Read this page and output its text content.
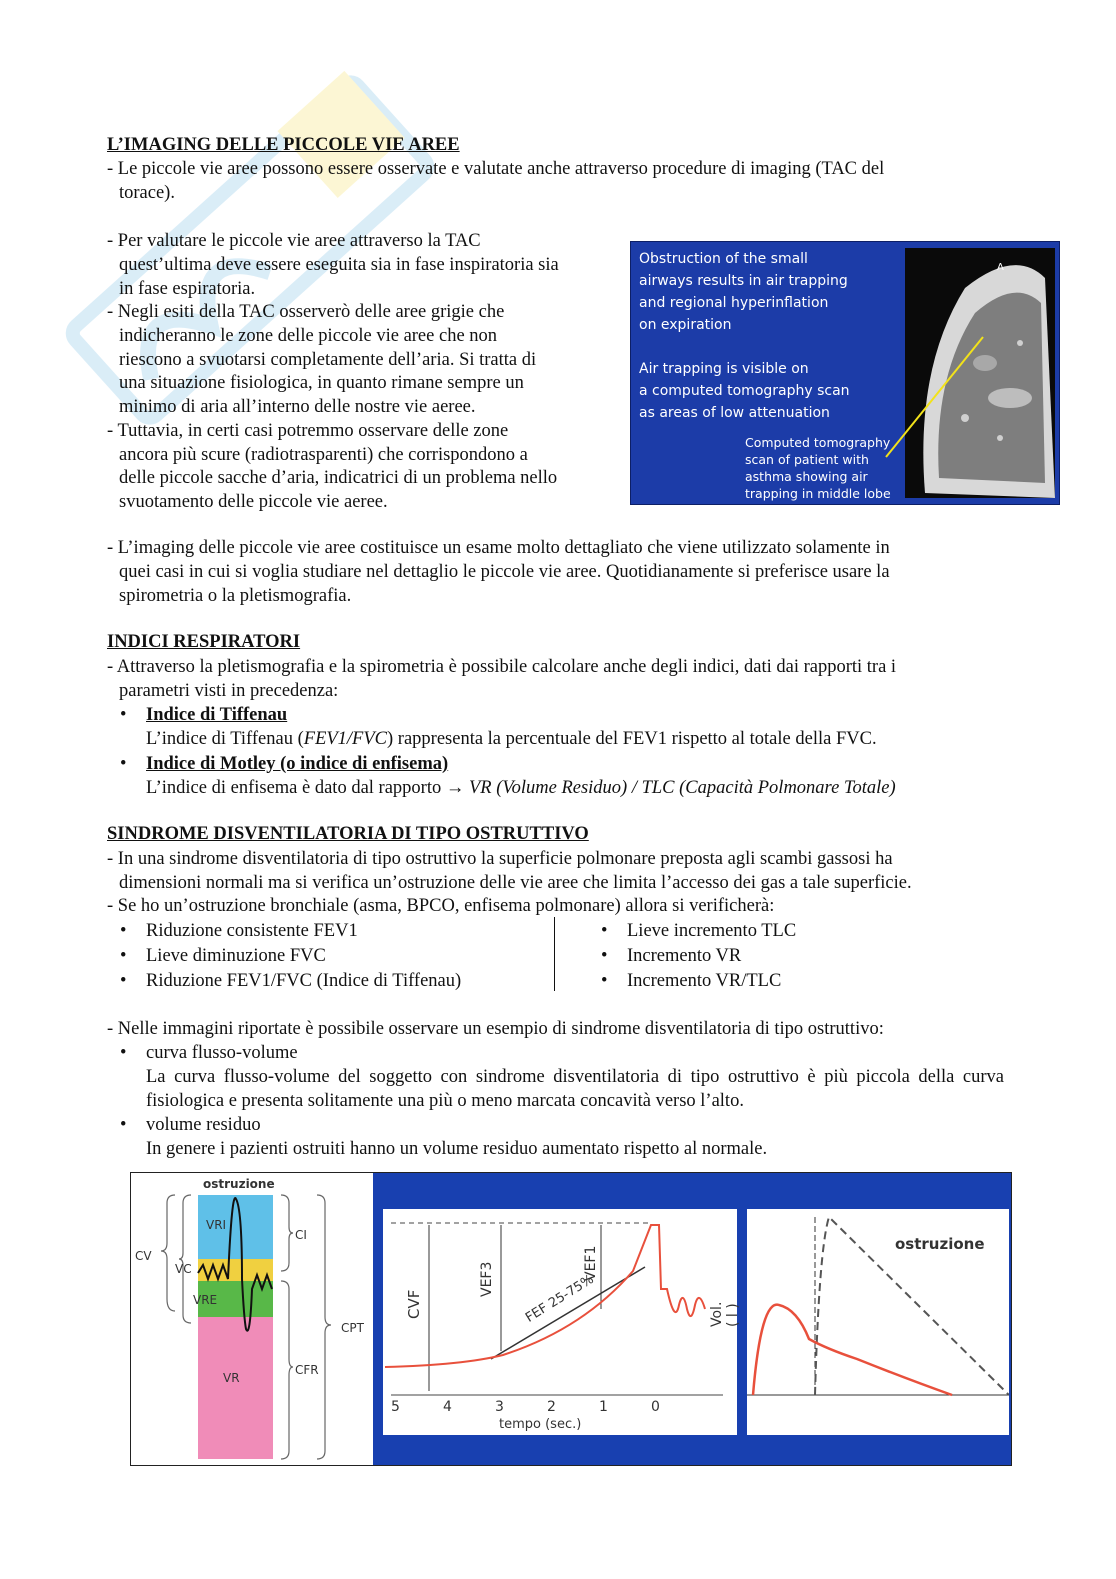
L’IMAGING DELLE PICCOLE VIE AREE
- Le piccole vie aree possono essere osservate e valutate anche attraverso procedure di imaging (TAC del
torace).
- Per valutare le piccole vie aree attraverso la TAC
quest’ultima deve essere eseguita sia in fase inspiratoria sia
in fase espiratoria.
- Negli esiti della TAC osserverò delle aree grigie che
indicheranno le zone delle piccole vie aree che non
riescono a svuotarsi completamente dell’aria. Si tratta di
una situazione fisiologica, in quanto rimane sempre un
minimo di aria all’interno delle nostre vie aeree.
- Tuttavia, in certi casi potremmo osservare delle zone
ancora più scure (radiotrasparenti) che corrispondono a
delle piccole sacche d’aria, indicatrici di un problema nello
svuotamento delle piccole vie aeree.
Obstruction of the small
airways results in air trapping
and regional hyperinflation
on expiration
Air trapping is visible on
a computed tomography scan
as areas of low attenuation
Computed tomography
scan of patient with
asthma showing air
trapping in middle lobe
A
- L’imaging delle piccole vie aree costituisce un esame molto dettagliato che viene utilizzato solamente in
quei casi in cui si voglia studiare nel dettaglio le piccole vie aree. Quotidianamente si preferisce usare la
spirometria o la pletismografia.
INDICI RESPIRATORI
- Attraverso la pletismografia e la spirometria è possibile calcolare anche degli indici, dati dai rapporti tra i
parametri visti in precedenza:
• Indice di Tiffenau
L’indice di Tiffenau (FEV1/FVC) rappresenta la percentuale del FEV1 rispetto al totale della FVC.
• Indice di Motley (o indice di enfisema)
L’indice di enfisema è dato dal rapporto → VR (Volume Residuo) / TLC (Capacità Polmonare Totale)
SINDROME DISVENTILATORIA DI TIPO OSTRUTTIVO
- In una sindrome disventilatoria di tipo ostruttivo la superficie polmonare preposta agli scambi gassosi ha
dimensioni normali ma si verifica un’ostruzione delle vie aree che limita l’accesso dei gas a tale superficie.
- Se ho un’ostruzione bronchiale (asma, BPCO, enfisema polmonare) allora si verificherà:
• Riduzione consistente FEV1
• Lieve diminuzione FVC
• Riduzione FEV1/FVC (Indice di Tiffenau)
• Lieve incremento TLC
• Incremento VR
• Incremento VR/TLC
- Nelle immagini riportate è possibile osservare un esempio di sindrome disventilatoria di tipo ostruttivo:
• curva flusso-volume
La curva flusso-volume del soggetto con sindrome disventilatoria di tipo ostruttivo è più piccola della curva fisiologica e presenta solitamente una più o meno marcata concavità verso l’alto.
• volume residuo
In genere i pazienti ostruiti hanno un volume residuo aumentato rispetto al normale.
ostruzione
VRI
VC
VRE
VR
CV
CI
CFR
CPT
CVF
VEF3	VEF1
FEF 25-75%	Vol. ( l )
5	4	3	2	1	0
tempo (sec.)
ostruzione
